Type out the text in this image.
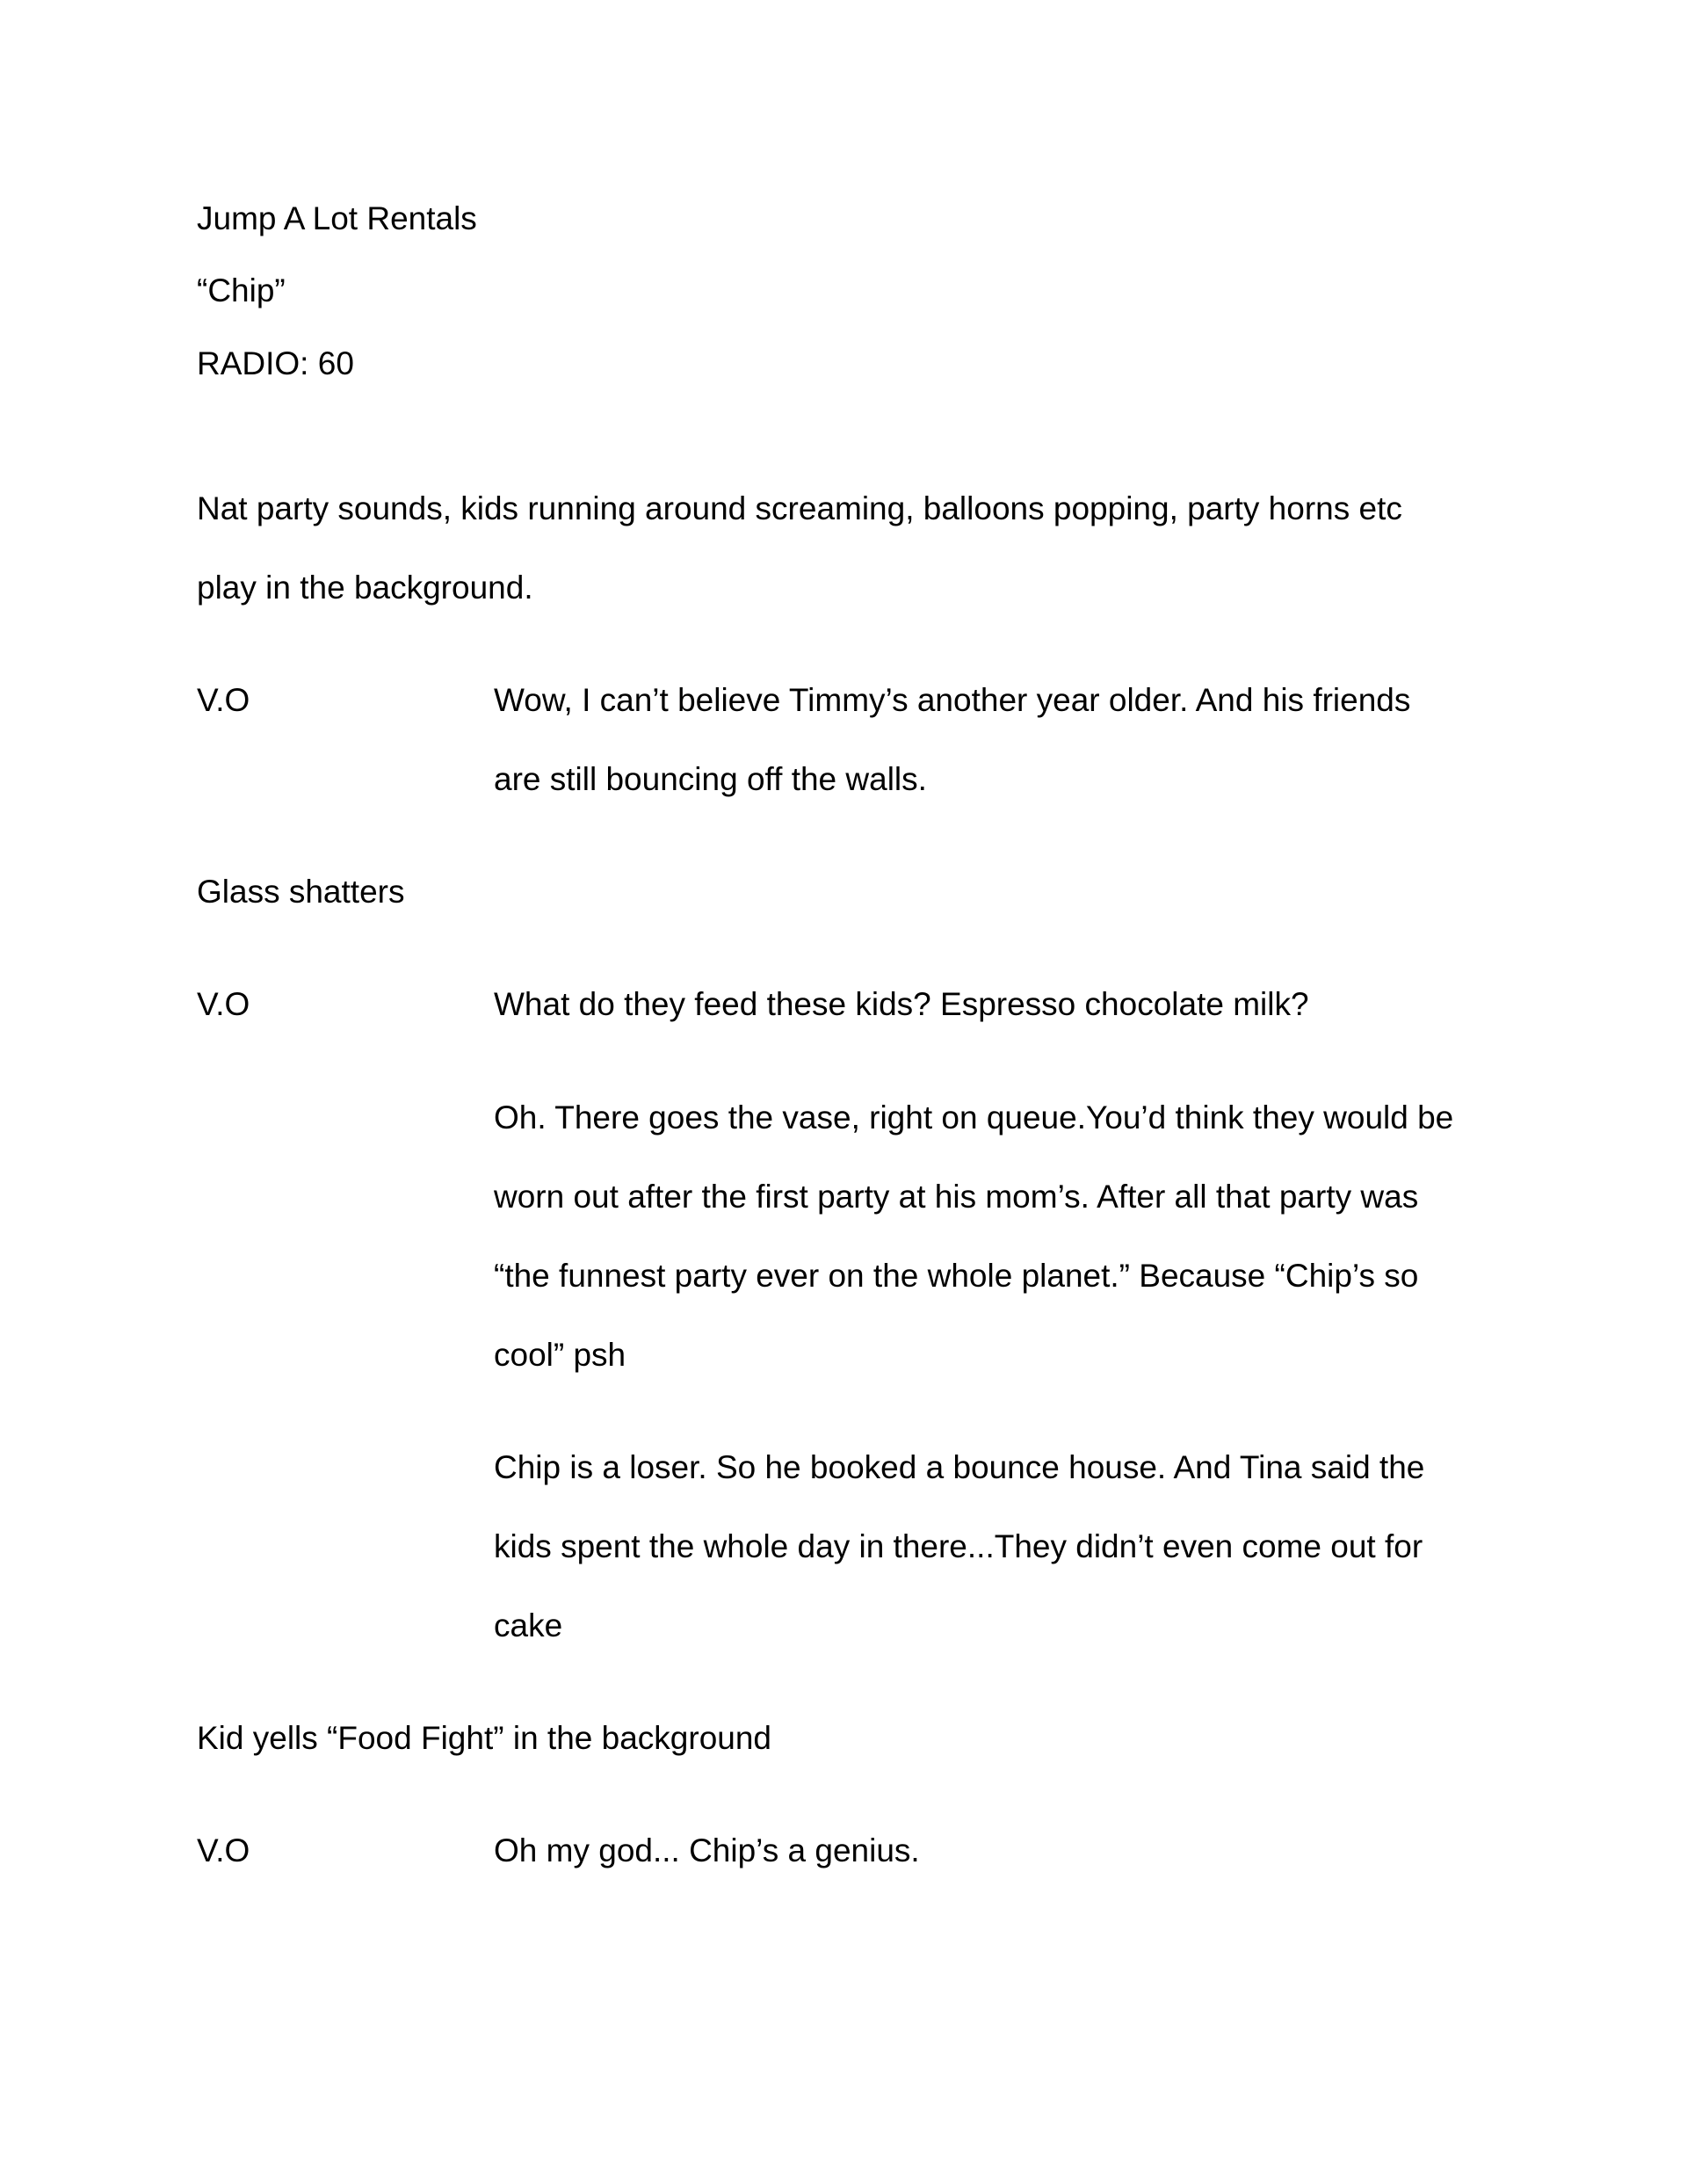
Jump A Lot Rentals

“Chip”

RADIO: 60

Nat party sounds, kids running around screaming, balloons popping, party horns etc

play in the background.

V.O	Wow, I can’t believe Timmy’s another year older. And his friends

are still bouncing off the walls.

Glass shatters

V.O	What do they feed these kids? Espresso chocolate milk?

Oh. There goes the vase, right on queue.You’d think they would be

worn out after the first party at his mom’s. After all that party was

“the funnest party ever on the whole planet.” Because “Chip’s so

cool” psh

Chip is a loser. So he booked a bounce house. And Tina said the

kids spent the whole day in there...They didn’t even come out for

cake

Kid yells “Food Fight” in the background

V.O	Oh my god... Chip’s a genius.
